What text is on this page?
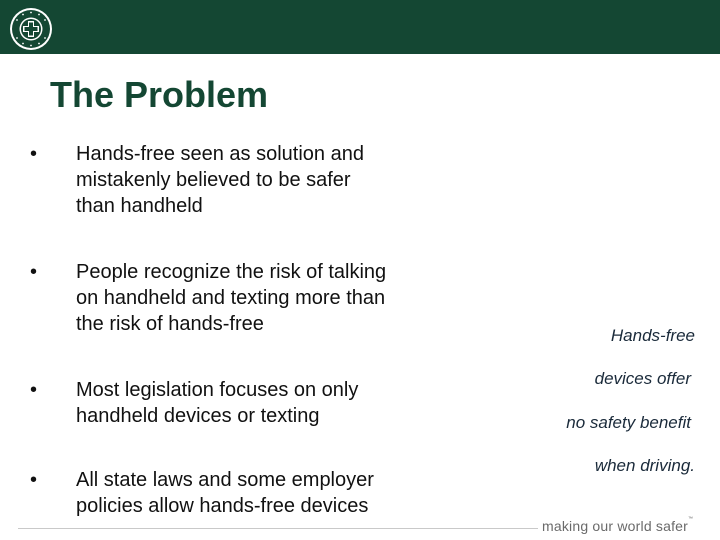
The Problem
•	Hands-free seen as solution and
mistakenly believed to be safer
than handheld
•	People recognize the risk of talking
on handheld and texting more than
the risk of hands-free
•	Most legislation focuses on only
handheld devices or texting
•	All state laws and some employer
policies allow hands-free devices
Hands-free
devices offer
no safety benefit
when driving.
making our world safer™
